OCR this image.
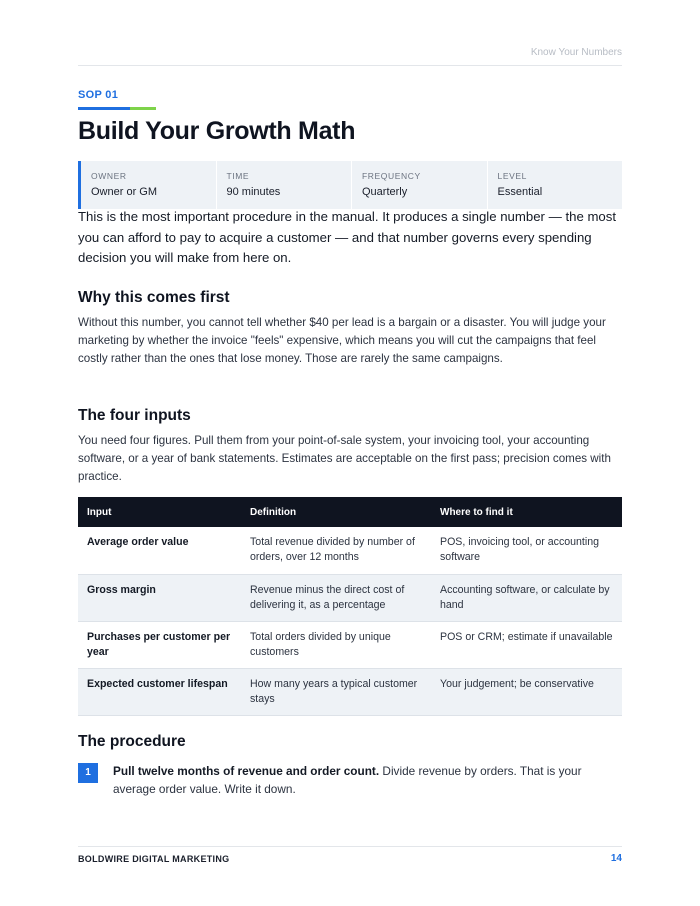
Know Your Numbers
SOP 01
Build Your Growth Math
OWNER
Owner or GM
TIME
90 minutes
FREQUENCY
Quarterly
LEVEL
Essential

This is the most important procedure in the manual. It produces a single number — the most you can afford to pay to acquire a customer — and that number governs every spending decision you will make from here on.

Why this comes first

Without this number, you cannot tell whether $40 per lead is a bargain or a disaster. You will judge your marketing by whether the invoice "feels" expensive, which means you will cut the campaigns that feel costly rather than the ones that lose money. Those are rarely the same campaigns.

The four inputs

You need four figures. Pull them from your point-of-sale system, your invoicing tool, your accounting software, or a year of bank statements. Estimates are acceptable on the first pass; precision comes with practice.

Input	Definition	Where to find it
Average order value	Total revenue divided by number of orders, over 12 months	POS, invoicing tool, or accounting software
Gross margin	Revenue minus the direct cost of delivering it, as a percentage	Accounting software, or calculate by hand
Purchases per customer per year	Total orders divided by unique customers	POS or CRM; estimate if unavailable
Expected customer lifespan	How many years a typical customer stays	Your judgement; be conservative
The procedure
1	Pull twelve months of revenue and order count. Divide revenue by orders. That is your average order value. Write it down.
BOLDWIRE DIGITAL MARKETING	14
